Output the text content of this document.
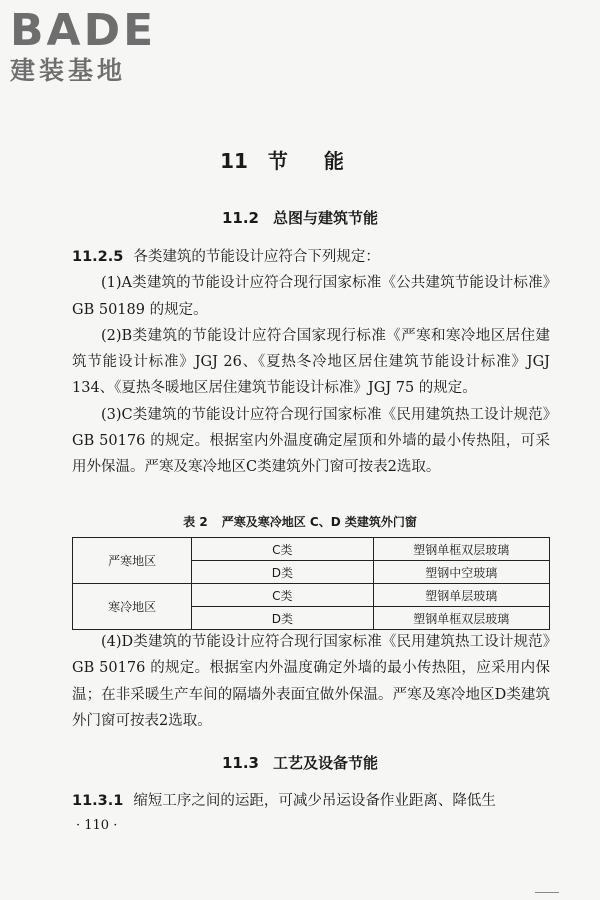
BADE
建装基地
11 节能
11.2 总图与建筑节能

11.2.5 各类建筑的节能设计应符合下列规定：

(1)A类建筑的节能设计应符合现行国家标准《公共建筑节能设计标准》GB 50189 的规定。

(2)B类建筑的节能设计应符合国家现行标准《严寒和寒冷地区居住建筑节能设计标准》JGJ 26、《夏热冬冷地区居住建筑节能设计标准》JGJ 134、《夏热冬暖地区居住建筑节能设计标准》JGJ 75 的规定。

(3)C类建筑的节能设计应符合现行国家标准《民用建筑热工设计规范》GB 50176 的规定。根据室内外温度确定屋顶和外墙的最小传热阻，可采用外保温。严寒及寒冷地区C类建筑外门窗可按表2选取。

表 2 严寒及寒冷地区 C、D 类建筑外门窗
严寒地区	C类	塑钢单框双层玻璃
	D类	塑钢中空玻璃
寒冷地区	C类	塑钢单层玻璃
	D类	塑钢单框双层玻璃

(4)D类建筑的节能设计应符合现行国家标准《民用建筑热工设计规范》GB 50176 的规定。根据室内外温度确定外墙的最小传热阻，应采用内保温；在非采暖生产车间的隔墙外表面宜做外保温。严寒及寒冷地区D类建筑外门窗可按表2选取。

11.3 工艺及设备节能

11.3.1 缩短工序之间的运距，可减少吊运设备作业距离、降低生

· 110 ·
